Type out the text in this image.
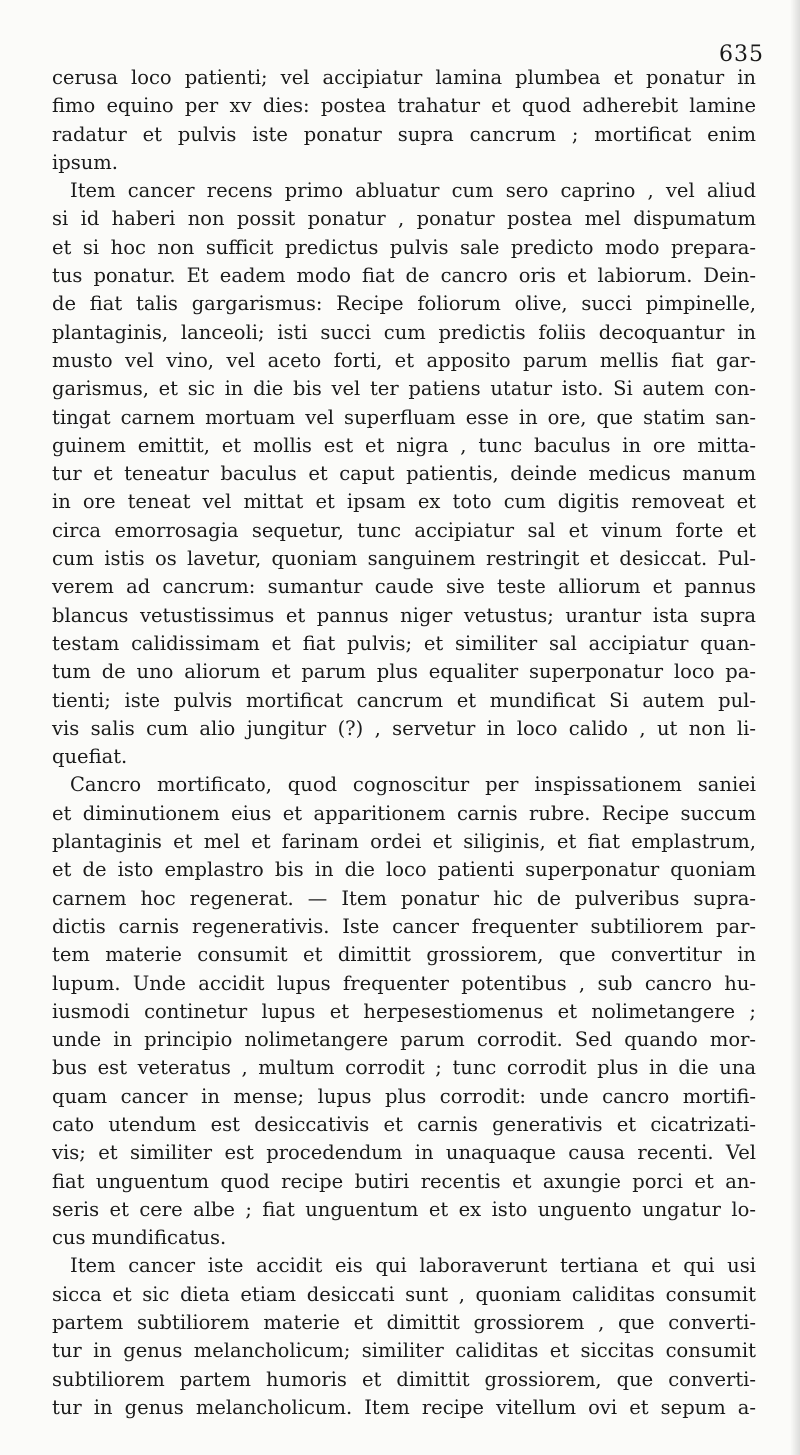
635
cerusa loco patienti; vel accipiatur lamina plumbea et ponatur in
fimo equino per xv dies: postea trahatur et quod adherebit lamine
radatur et pulvis iste ponatur supra cancrum ; mortificat enim
ipsum.
Item cancer recens primo abluatur cum sero caprino , vel aliud
si id haberi non possit ponatur , ponatur postea mel dispumatum
et si hoc non sufficit predictus pulvis sale predicto modo prepara-
tus ponatur. Et eadem modo fiat de cancro oris et labiorum. Dein-
de fiat talis gargarismus: Recipe foliorum olive, succi pimpinelle,
plantaginis, lanceoli; isti succi cum predictis foliis decoquantur in
musto vel vino, vel aceto forti, et apposito parum mellis fiat gar-
garismus, et sic in die bis vel ter patiens utatur isto. Si autem con-
tingat carnem mortuam vel superfluam esse in ore, que statim san-
guinem emittit, et mollis est et nigra , tunc baculus in ore mitta-
tur et teneatur baculus et caput patientis, deinde medicus manum
in ore teneat vel mittat et ipsam ex toto cum digitis removeat et
circa emorrosagia sequetur, tunc accipiatur sal et vinum forte et
cum istis os lavetur, quoniam sanguinem restringit et desiccat. Pul-
verem ad cancrum: sumantur caude sive teste alliorum et pannus
blancus vetustissimus et pannus niger vetustus; urantur ista supra
testam calidissimam et fiat pulvis; et similiter sal accipiatur quan-
tum de uno aliorum et parum plus equaliter superponatur loco pa-
tienti; iste pulvis mortificat cancrum et mundificat Si autem pul-
vis salis cum alio jungitur (?) , servetur in loco calido , ut non li-
quefiat.
Cancro mortificato, quod cognoscitur per inspissationem saniei
et diminutionem eius et apparitionem carnis rubre. Recipe succum
plantaginis et mel et farinam ordei et siliginis, et fiat emplastrum,
et de isto emplastro bis in die loco patienti superponatur quoniam
carnem hoc regenerat. — Item ponatur hic de pulveribus supra-
dictis carnis regenerativis. Iste cancer frequenter subtiliorem par-
tem materie consumit et dimittit grossiorem, que convertitur in
lupum. Unde accidit lupus frequenter potentibus , sub cancro hu-
iusmodi continetur lupus et herpesestiomenus et nolimetangere ;
unde in principio nolimetangere parum corrodit. Sed quando mor-
bus est veteratus , multum corrodit ; tunc corrodit plus in die una
quam cancer in mense; lupus plus corrodit: unde cancro mortifi-
cato utendum est desiccativis et carnis generativis et cicatrizati-
vis; et similiter est procedendum in unaquaque causa recenti. Vel
fiat unguentum quod recipe butiri recentis et axungie porci et an-
seris et cere albe ; fiat unguentum et ex isto unguento ungatur lo-
cus mundificatus.
Item cancer iste accidit eis qui laboraverunt tertiana et qui usi
sicca et sic dieta etiam desiccati sunt , quoniam caliditas consumit
partem subtiliorem materie et dimittit grossiorem , que converti-
tur in genus melancholicum; similiter caliditas et siccitas consumit
subtiliorem partem humoris et dimittit grossiorem, que converti-
tur in genus melancholicum. Item recipe vitellum ovi et sepum a-
